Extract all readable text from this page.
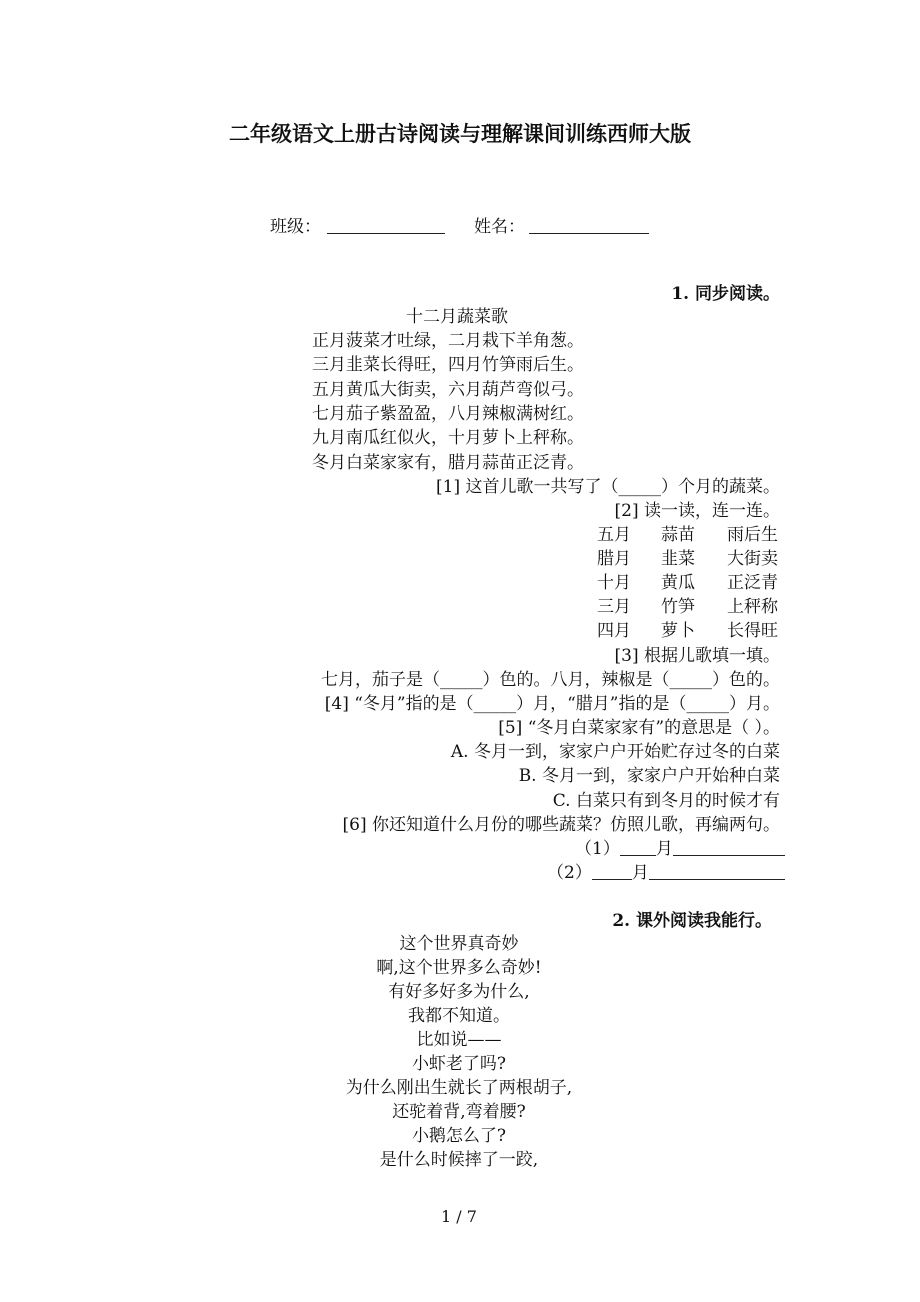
二年级语文上册古诗阅读与理解课间训练西师大版
班级：	姓名：
1. 同步阅读。
十二月蔬菜歌
正月菠菜才吐绿，二月栽下羊角葱。
三月韭菜长得旺，四月竹笋雨后生。
五月黄瓜大街卖，六月葫芦弯似弓。
七月茄子紫盈盈，八月辣椒满树红。
九月南瓜红似火，十月萝卜上秤称。
冬月白菜家家有，腊月蒜苗正泛青。
[1] 这首儿歌一共写了（_____）个月的蔬菜。
[2] 读一读，连一连。
五月 蒜苗 雨后生
腊月 韭菜 大街卖
十月 黄瓜 正泛青
三月 竹笋 上秤称
四月 萝卜 长得旺
[3] 根据儿歌填一填。
七月，茄子是（_____）色的。八月，辣椒是（_____）色的。
[4] “冬月”指的是（_____）月，“腊月”指的是（_____）月。
[5] “冬月白菜家家有”的意思是（ ）。
A. 冬月一到，家家户户开始贮存过冬的白菜
B. 冬月一到，家家户户开始种白菜
C. 白菜只有到冬月的时候才有
[6] 你还知道什么月份的哪些蔬菜？仿照儿歌，再编两句。
（1） 月
（2） 月
2. 课外阅读我能行。
这个世界真奇妙
啊,这个世界多么奇妙!
有好多好多为什么,
我都不知道。
比如说——
小虾老了吗?
为什么刚出生就长了两根胡子,
还驼着背,弯着腰?
小鹅怎么了?
是什么时候摔了一跤,
1 / 7
